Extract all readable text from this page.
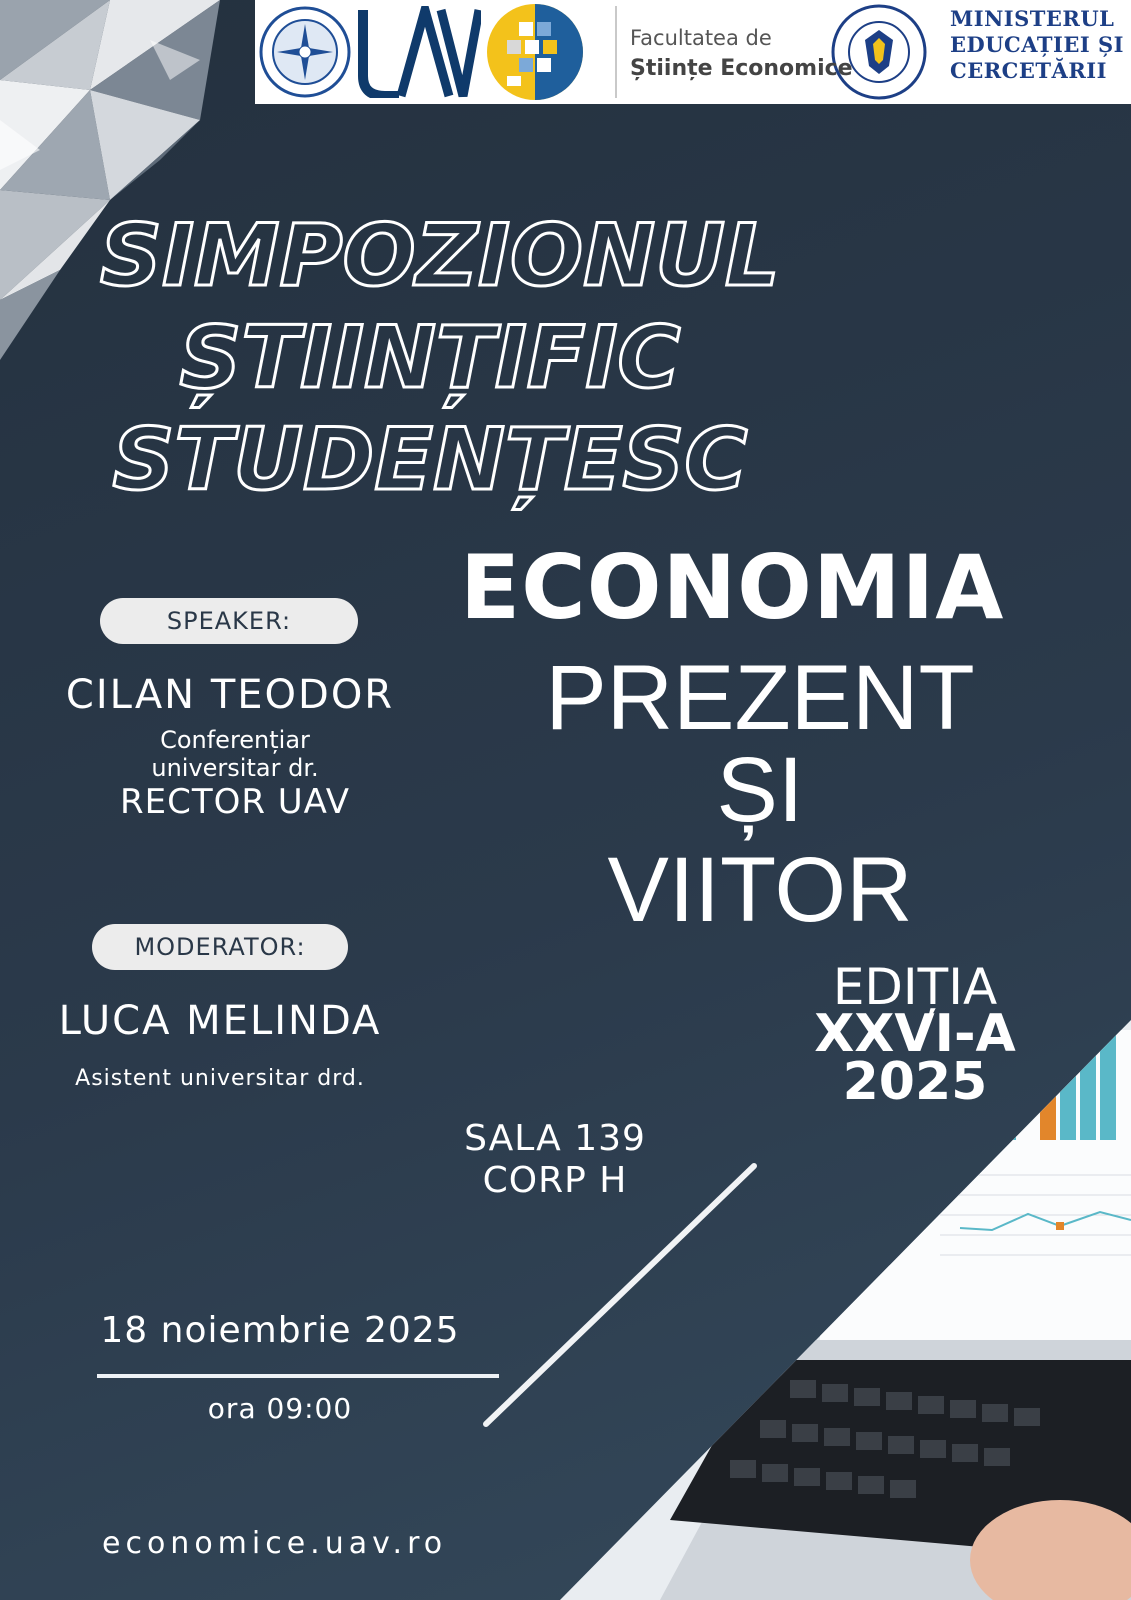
Facultatea de
Științe Economice
MINISTERUL
EDUCAȚIEI ȘI
CERCETĂRII
SIMPOZIONUL
ȘTIINȚIFIC
STUDENȚESC
ECONOMIA
PREZENT
ȘI
VIITOR
EDIȚIA
XXVI-A
2025
SPEAKER:
CILAN TEODOR
Conferențiar
universitar dr.
RECTOR UAV
MODERATOR:
LUCA MELINDA
Asistent universitar drd.
SALA 139
CORP H
18 noiembrie 2025
ora 09:00
economice.uav.ro
